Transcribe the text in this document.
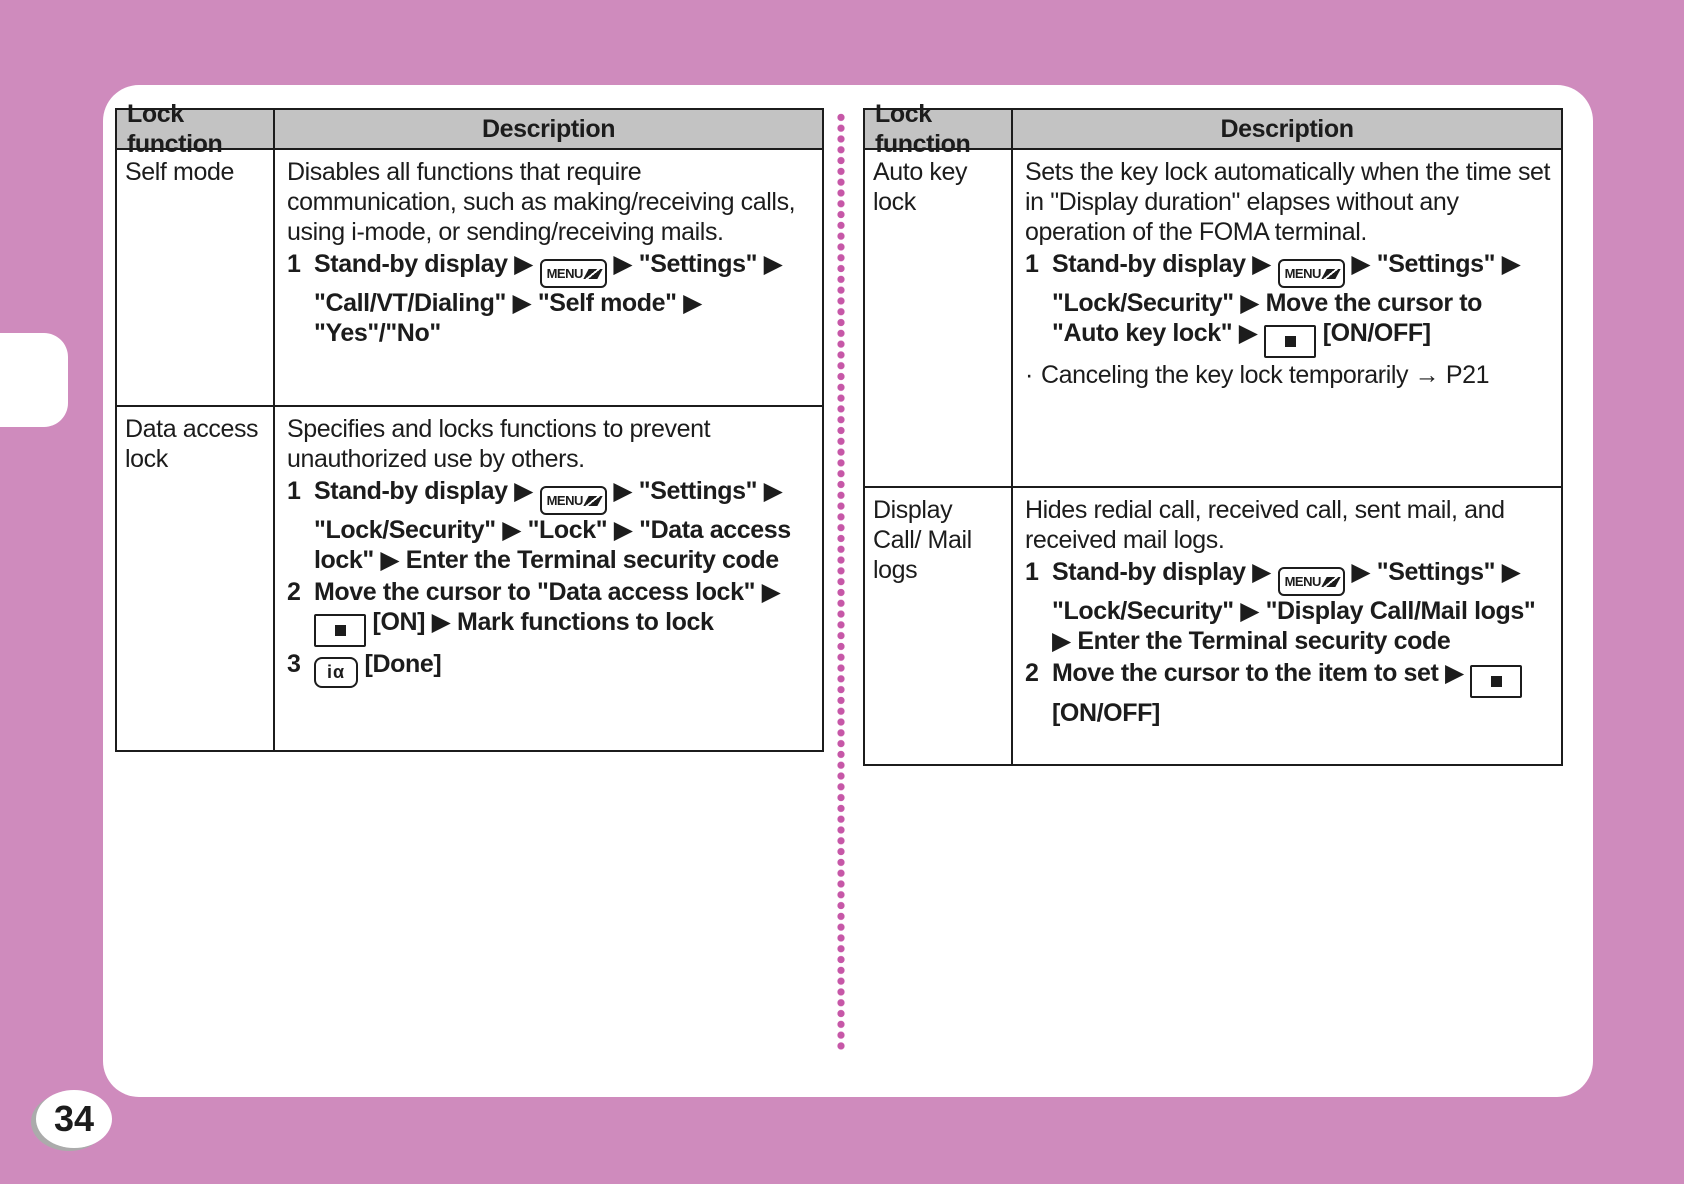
Lock function
Description
Self mode	Disables all functions that require communication, such as making/receiving calls, using i-mode, or sending/receiving mails.
1 Stand-by display ▶ MENU ▶ "Settings" ▶ "Call/VT/Dialing" ▶ "Self mode" ▶ "Yes"/"No"
Data access lock
Specifies and locks functions to prevent unauthorized use by others.
1 Stand-by display ▶ MENU ▶ "Settings" ▶ "Lock/Security" ▶ "Lock" ▶ "Data access lock" ▶ Enter the Terminal security code
2 Move the cursor to "Data access lock" ▶
[ON] ▶ Mark functions to lock
3	iα [Done]
Lock function
Description
Auto key lock
Sets the key lock automatically when the time set in "Display duration" elapses without any operation of the FOMA terminal.
1 Stand-by display ▶ MENU ▶ "Settings" ▶ "Lock/Security" ▶ Move the cursor to "Auto key lock" ▶
[ON/OFF]
· Canceling the key lock temporarily → P21
Display Call/ Mail logs
Hides redial call, received call, sent mail, and received mail logs.
1 Stand-by display ▶ MENU ▶ "Settings" ▶ "Lock/Security" ▶ "Display Call/Mail logs" ▶ Enter the Terminal security code
2 Move the cursor to the item to set ▶
[ON/OFF]
34
